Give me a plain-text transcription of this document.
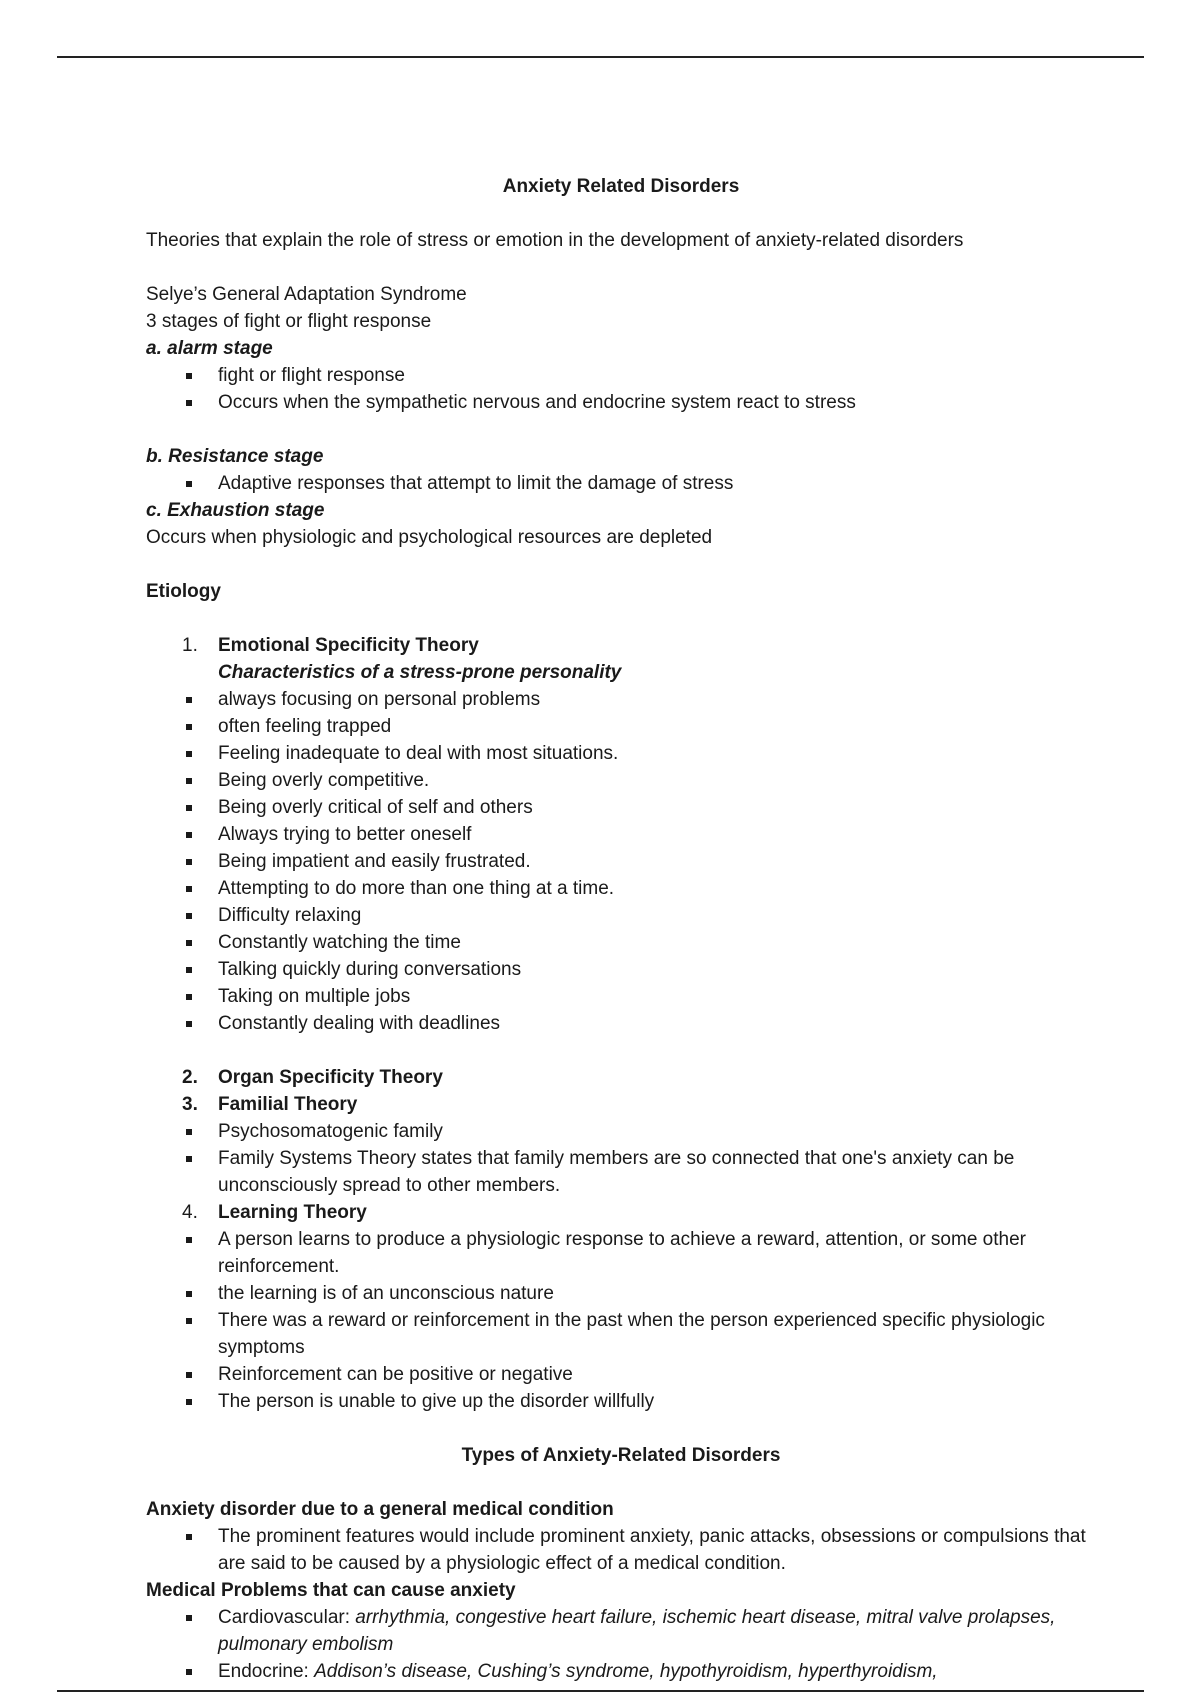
Anxiety Related Disorders

Theories that explain the role of stress or emotion in the development of anxiety-related disorders

Selye’s General Adaptation Syndrome

3 stages of fight or flight response

a. alarm stage

fight or flight response
Occurs when the sympathetic nervous and endocrine system react to stress

b. Resistance stage

Adaptive responses that attempt to limit the damage of stress

c. Exhaustion stage

Occurs when physiologic and psychological resources are depleted

Etiology

1. Emotional Specificity Theory

Characteristics of a stress-prone personality

always focusing on personal problems
often feeling trapped
Feeling inadequate to deal with most situations.
Being overly competitive.
Being overly critical of self and others
Always trying to better oneself
Being impatient and easily frustrated.
Attempting to do more than one thing at a time.
Difficulty relaxing
Constantly watching the time
Talking quickly during conversations
Taking on multiple jobs
Constantly dealing with deadlines
2. Organ Specificity Theory
3. Familial Theory
Psychosomatogenic family
Family Systems Theory states that family members are so connected that one's anxiety can be unconsciously spread to other members.
4. Learning Theory
A person learns to produce a physiologic response to achieve a reward, attention, or some other reinforcement.
the learning is of an unconscious nature
There was a reward or reinforcement in the past when the person experienced specific physiologic symptoms
Reinforcement can be positive or negative
The person is unable to give up the disorder willfully

Types of Anxiety-Related Disorders

Anxiety disorder due to a general medical condition

The prominent features would include prominent anxiety, panic attacks, obsessions or compulsions that are said to be caused by a physiologic effect of a medical condition.

Medical Problems that can cause anxiety

Cardiovascular: arrhythmia, congestive heart failure, ischemic heart disease, mitral valve prolapses, pulmonary embolism
Endocrine: Addison’s disease, Cushing’s syndrome, hypothyroidism, hyperthyroidism,
